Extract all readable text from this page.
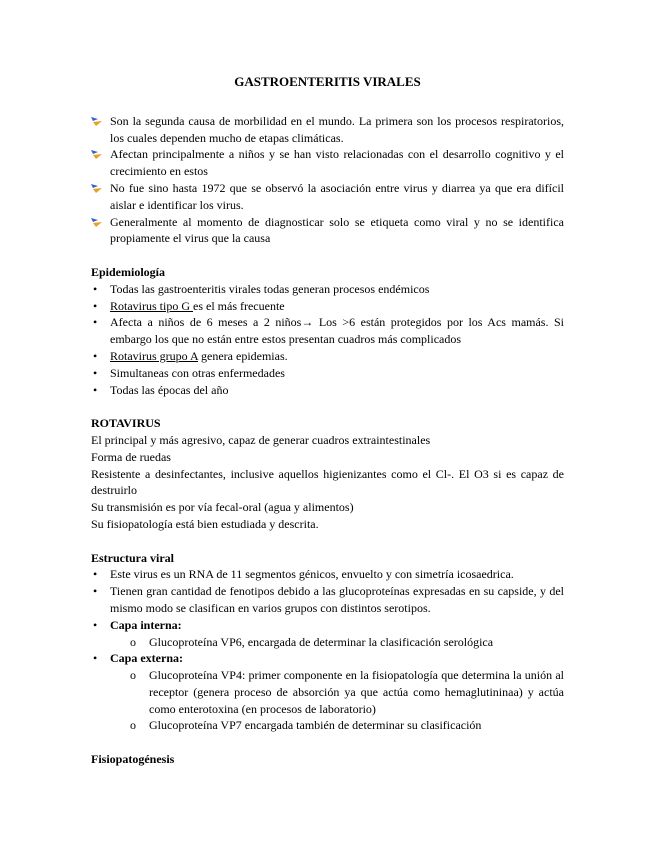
GASTROENTERITIS VIRALES
Son la segunda causa de morbilidad en el mundo. La primera son los procesos respiratorios, los cuales dependen mucho de etapas climáticas.
Afectan principalmente a niños y se han visto relacionadas con el desarrollo cognitivo y el crecimiento en estos
No fue sino hasta 1972 que se observó la asociación entre virus y diarrea ya que era difícil aislar e identificar los virus.
Generalmente al momento de diagnosticar solo se etiqueta como viral y no se identifica propiamente el virus que la causa
Epidemiología
• Todas las gastroenteritis virales todas generan procesos endémicos
• Rotavirus tipo G es el más frecuente
• Afecta a niños de 6 meses a 2 niños→ Los >6 están protegidos por los Acs mamás. Si embargo los que no están entre estos presentan cuadros más complicados
• Rotavirus grupo A genera epidemias.
• Simultaneas con otras enfermedades
• Todas las épocas del año
ROTAVIRUS

El principal y más agresivo, capaz de generar cuadros extraintestinales

Forma de ruedas

Resistente a desinfectantes, inclusive aquellos higienizantes como el Cl-. El O3 si es capaz de destruirlo

Su transmisión es por vía fecal-oral (agua y alimentos)

Su fisiopatología está bien estudiada y descrita.

Estructura viral
• Este virus es un RNA de 11 segmentos génicos, envuelto y con simetría icosaedrica.
• Tienen gran cantidad de fenotipos debido a las glucoproteínas expresadas en su capside, y del mismo modo se clasifican en varios grupos con distintos serotipos.
• Capa interna:
o Glucoproteína VP6, encargada de determinar la clasificación serológica
• Capa externa:
o Glucoproteína VP4: primer componente en la fisiopatología que determina la unión al receptor (genera proceso de absorción ya que actúa como hemaglutininaa) y actúa como enterotoxina (en procesos de laboratorio)
o Glucoproteína VP7 encargada también de determinar su clasificación
Fisiopatogénesis
